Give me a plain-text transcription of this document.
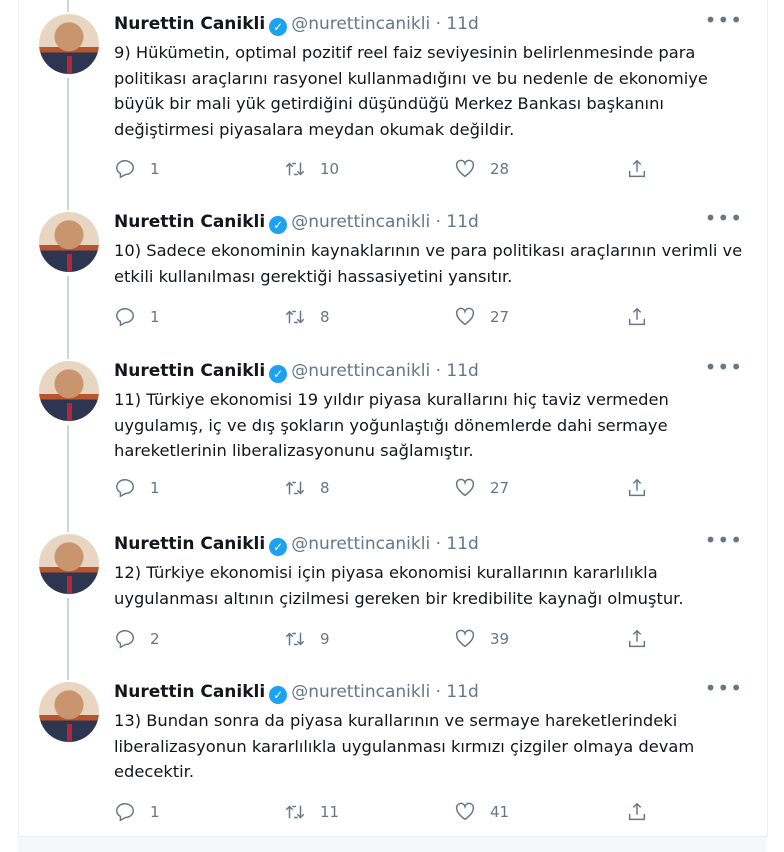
Nurettin Canikli ✓ @nurettincanikli · 11d	•••
9) Hükümetin, optimal pozitif reel faiz seviyesinin belirlenmesinde para politikası araçlarını rasyonel kullanmadığını ve bu nedenle de ekonomiye büyük bir mali yük getirdiğini düşündüğü Merkez Bankası başkanını değiştirmesi piyasalara meydan okumak değildir.
1	10	28
Nurettin Canikli ✓ @nurettincanikli · 11d	•••
10) Sadece ekonominin kaynaklarının ve para politikası araçlarının verimli ve etkili kullanılması gerektiği hassasiyetini yansıtır.
1	8	27
Nurettin Canikli ✓ @nurettincanikli · 11d	•••
11) Türkiye ekonomisi 19 yıldır piyasa kurallarını hiç taviz vermeden uygulamış, iç ve dış şokların yoğunlaştığı dönemlerde dahi sermaye hareketlerinin liberalizasyonunu sağlamıştır.
1	8	27
Nurettin Canikli ✓ @nurettincanikli · 11d	•••
12) Türkiye ekonomisi için piyasa ekonomisi kurallarının kararlılıkla uygulanması altının çizilmesi gereken bir kredibilite kaynağı olmuştur.
2	9	39
Nurettin Canikli ✓ @nurettincanikli · 11d	•••
13) Bundan sonra da piyasa kurallarının ve sermaye hareketlerindeki liberalizasyonun kararlılıkla uygulanması kırmızı çizgiler olmaya devam edecektir.
1	11	41
